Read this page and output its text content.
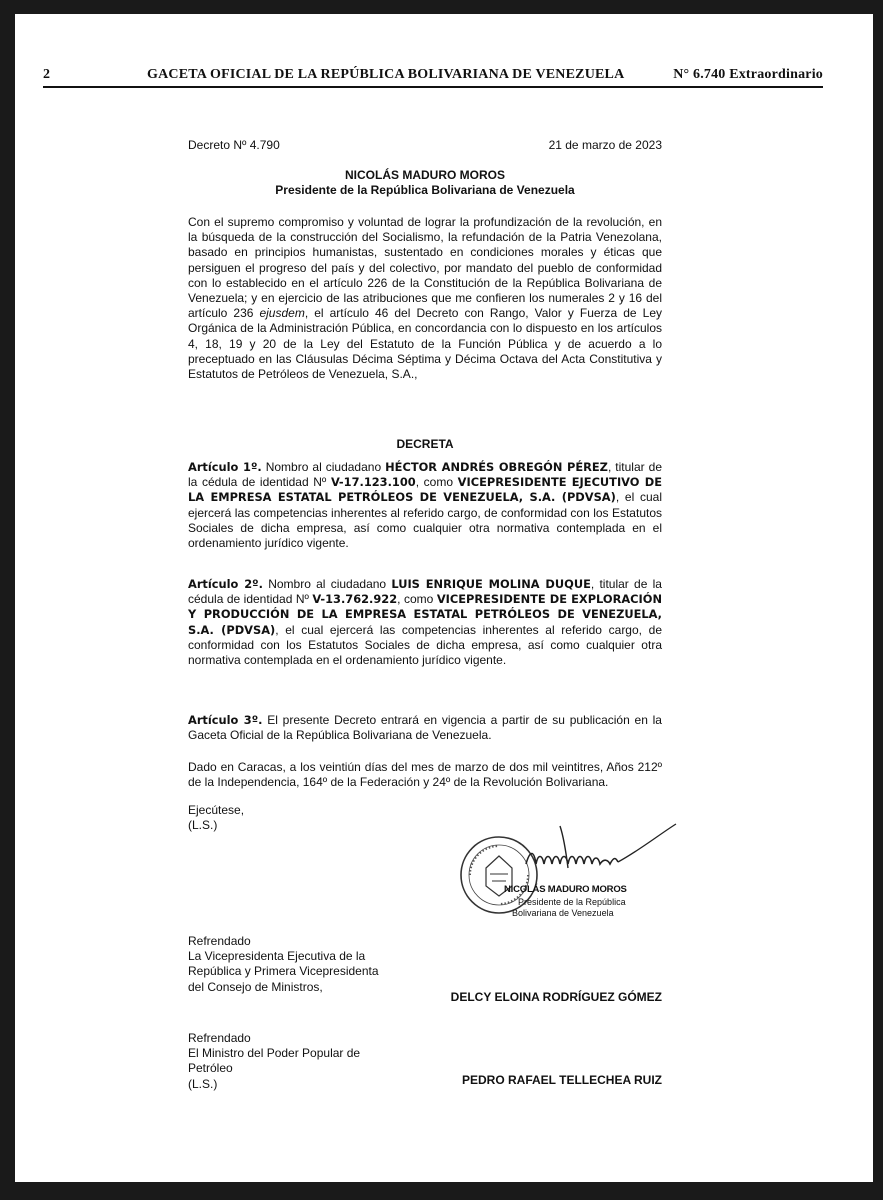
2	GACETA OFICIAL DE LA REPÚBLICA BOLIVARIANA DE VENEZUELA	N° 6.740 Extraordinario
Decreto Nº 4.790	21 de marzo de 2023
NICOLÁS MADURO MOROS
Presidente de la República Bolivariana de Venezuela
Con el supremo compromiso y voluntad de lograr la profundización de la revolución, en la búsqueda de la construcción del Socialismo, la refundación de la Patria Venezolana, basado en principios humanistas, sustentado en condiciones morales y éticas que persiguen el progreso del país y del colectivo, por mandato del pueblo de conformidad con lo establecido en el artículo 226 de la Constitución de la República Bolivariana de Venezuela; y en ejercicio de las atribuciones que me confieren los numerales 2 y 16 del artículo 236 ejusdem, el artículo 46 del Decreto con Rango, Valor y Fuerza de Ley Orgánica de la Administración Pública, en concordancia con lo dispuesto en los artículos 4, 18, 19 y 20 de la Ley del Estatuto de la Función Pública y de acuerdo a lo preceptuado en las Cláusulas Décima Séptima y Décima Octava del Acta Constitutiva y Estatutos de Petróleos de Venezuela, S.A.,
DECRETA
Artículo 1º. Nombro al ciudadano HÉCTOR ANDRÉS OBREGÓN PÉREZ, titular de la cédula de identidad Nº V-17.123.100, como VICEPRESIDENTE EJECUTIVO DE LA EMPRESA ESTATAL PETRÓLEOS DE VENEZUELA, S.A. (PDVSA), el cual ejercerá las competencias inherentes al referido cargo, de conformidad con los Estatutos Sociales de dicha empresa, así como cualquier otra normativa contemplada en el ordenamiento jurídico vigente.
Artículo 2º. Nombro al ciudadano LUIS ENRIQUE MOLINA DUQUE, titular de la cédula de identidad Nº V-13.762.922, como VICEPRESIDENTE DE EXPLORACIÓN Y PRODUCCIÓN DE LA EMPRESA ESTATAL PETRÓLEOS DE VENEZUELA, S.A. (PDVSA), el cual ejercerá las competencias inherentes al referido cargo, de conformidad con los Estatutos Sociales de dicha empresa, así como cualquier otra normativa contemplada en el ordenamiento jurídico vigente.
Artículo 3º. El presente Decreto entrará en vigencia a partir de su publicación en la Gaceta Oficial de la República Bolivariana de Venezuela.
Dado en Caracas, a los veintiún días del mes de marzo de dos mil veintitres, Años 212º de la Independencia, 164º de la Federación y 24º de la Revolución Bolivariana.
Ejecútese,
(L.S.)
NICOLÁS MADURO MOROS
Presidente de la República
Bolivariana de Venezuela
Refrendado
La Vicepresidenta Ejecutiva de la
República y Primera Vicepresidenta
del Consejo de Ministros,
DELCY ELOINA RODRÍGUEZ GÓMEZ
Refrendado
El Ministro del Poder Popular de
Petróleo
(L.S.)	PEDRO RAFAEL TELLECHEA RUIZ
